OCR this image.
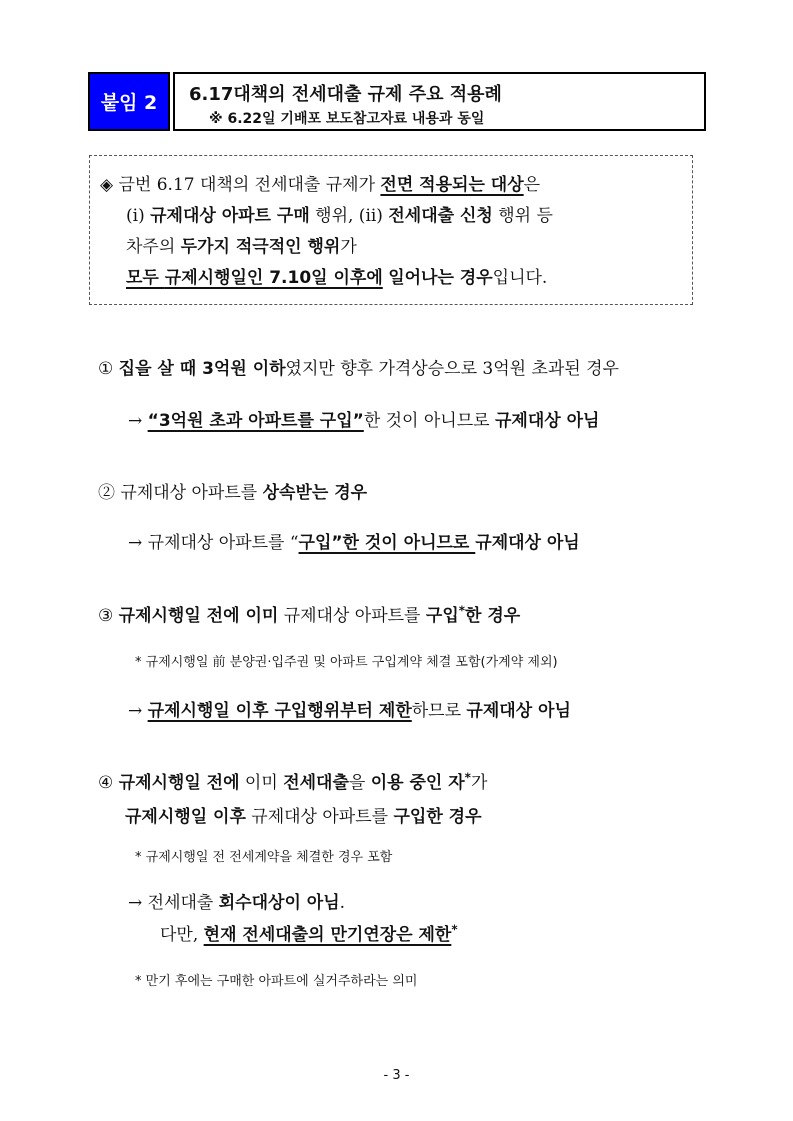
붙임 2	6.17대책의 전세대출 규제 주요 적용례
※ 6.22일 기배포 보도참고자료 내용과 동일
◈ 금번 6.17 대책의 전세대출 규제가 전면 적용되는 대상은
(i) 규제대상 아파트 구매 행위, (ii) 전세대출 신청 행위 등
차주의 두가지 적극적인 행위가
모두 규제시행일인 7.10일 이후에 일어나는 경우입니다.
① 집을 살 때 3억원 이하였지만 향후 가격상승으로 3억원 초과된 경우
→ “3억원 초과 아파트를 구입”한 것이 아니므로 규제대상 아님
② 규제대상 아파트를 상속받는 경우
→ 규제대상 아파트를 “구입”한 것이 아니므로 규제대상 아님
③ 규제시행일 전에 이미 규제대상 아파트를 구입*한 경우
* 규제시행일 前 분양권·입주권 및 아파트 구입계약 체결 포함(가계약 제외)
→ 규제시행일 이후 구입행위부터 제한하므로 규제대상 아님
④ 규제시행일 전에 이미 전세대출을 이용 중인 자*가
규제시행일 이후 규제대상 아파트를 구입한 경우
* 규제시행일 전 전세계약을 체결한 경우 포함
→ 전세대출 회수대상이 아님.
다만, 현재 전세대출의 만기연장은 제한*
* 만기 후에는 구매한 아파트에 실거주하라는 의미
- 3 -
